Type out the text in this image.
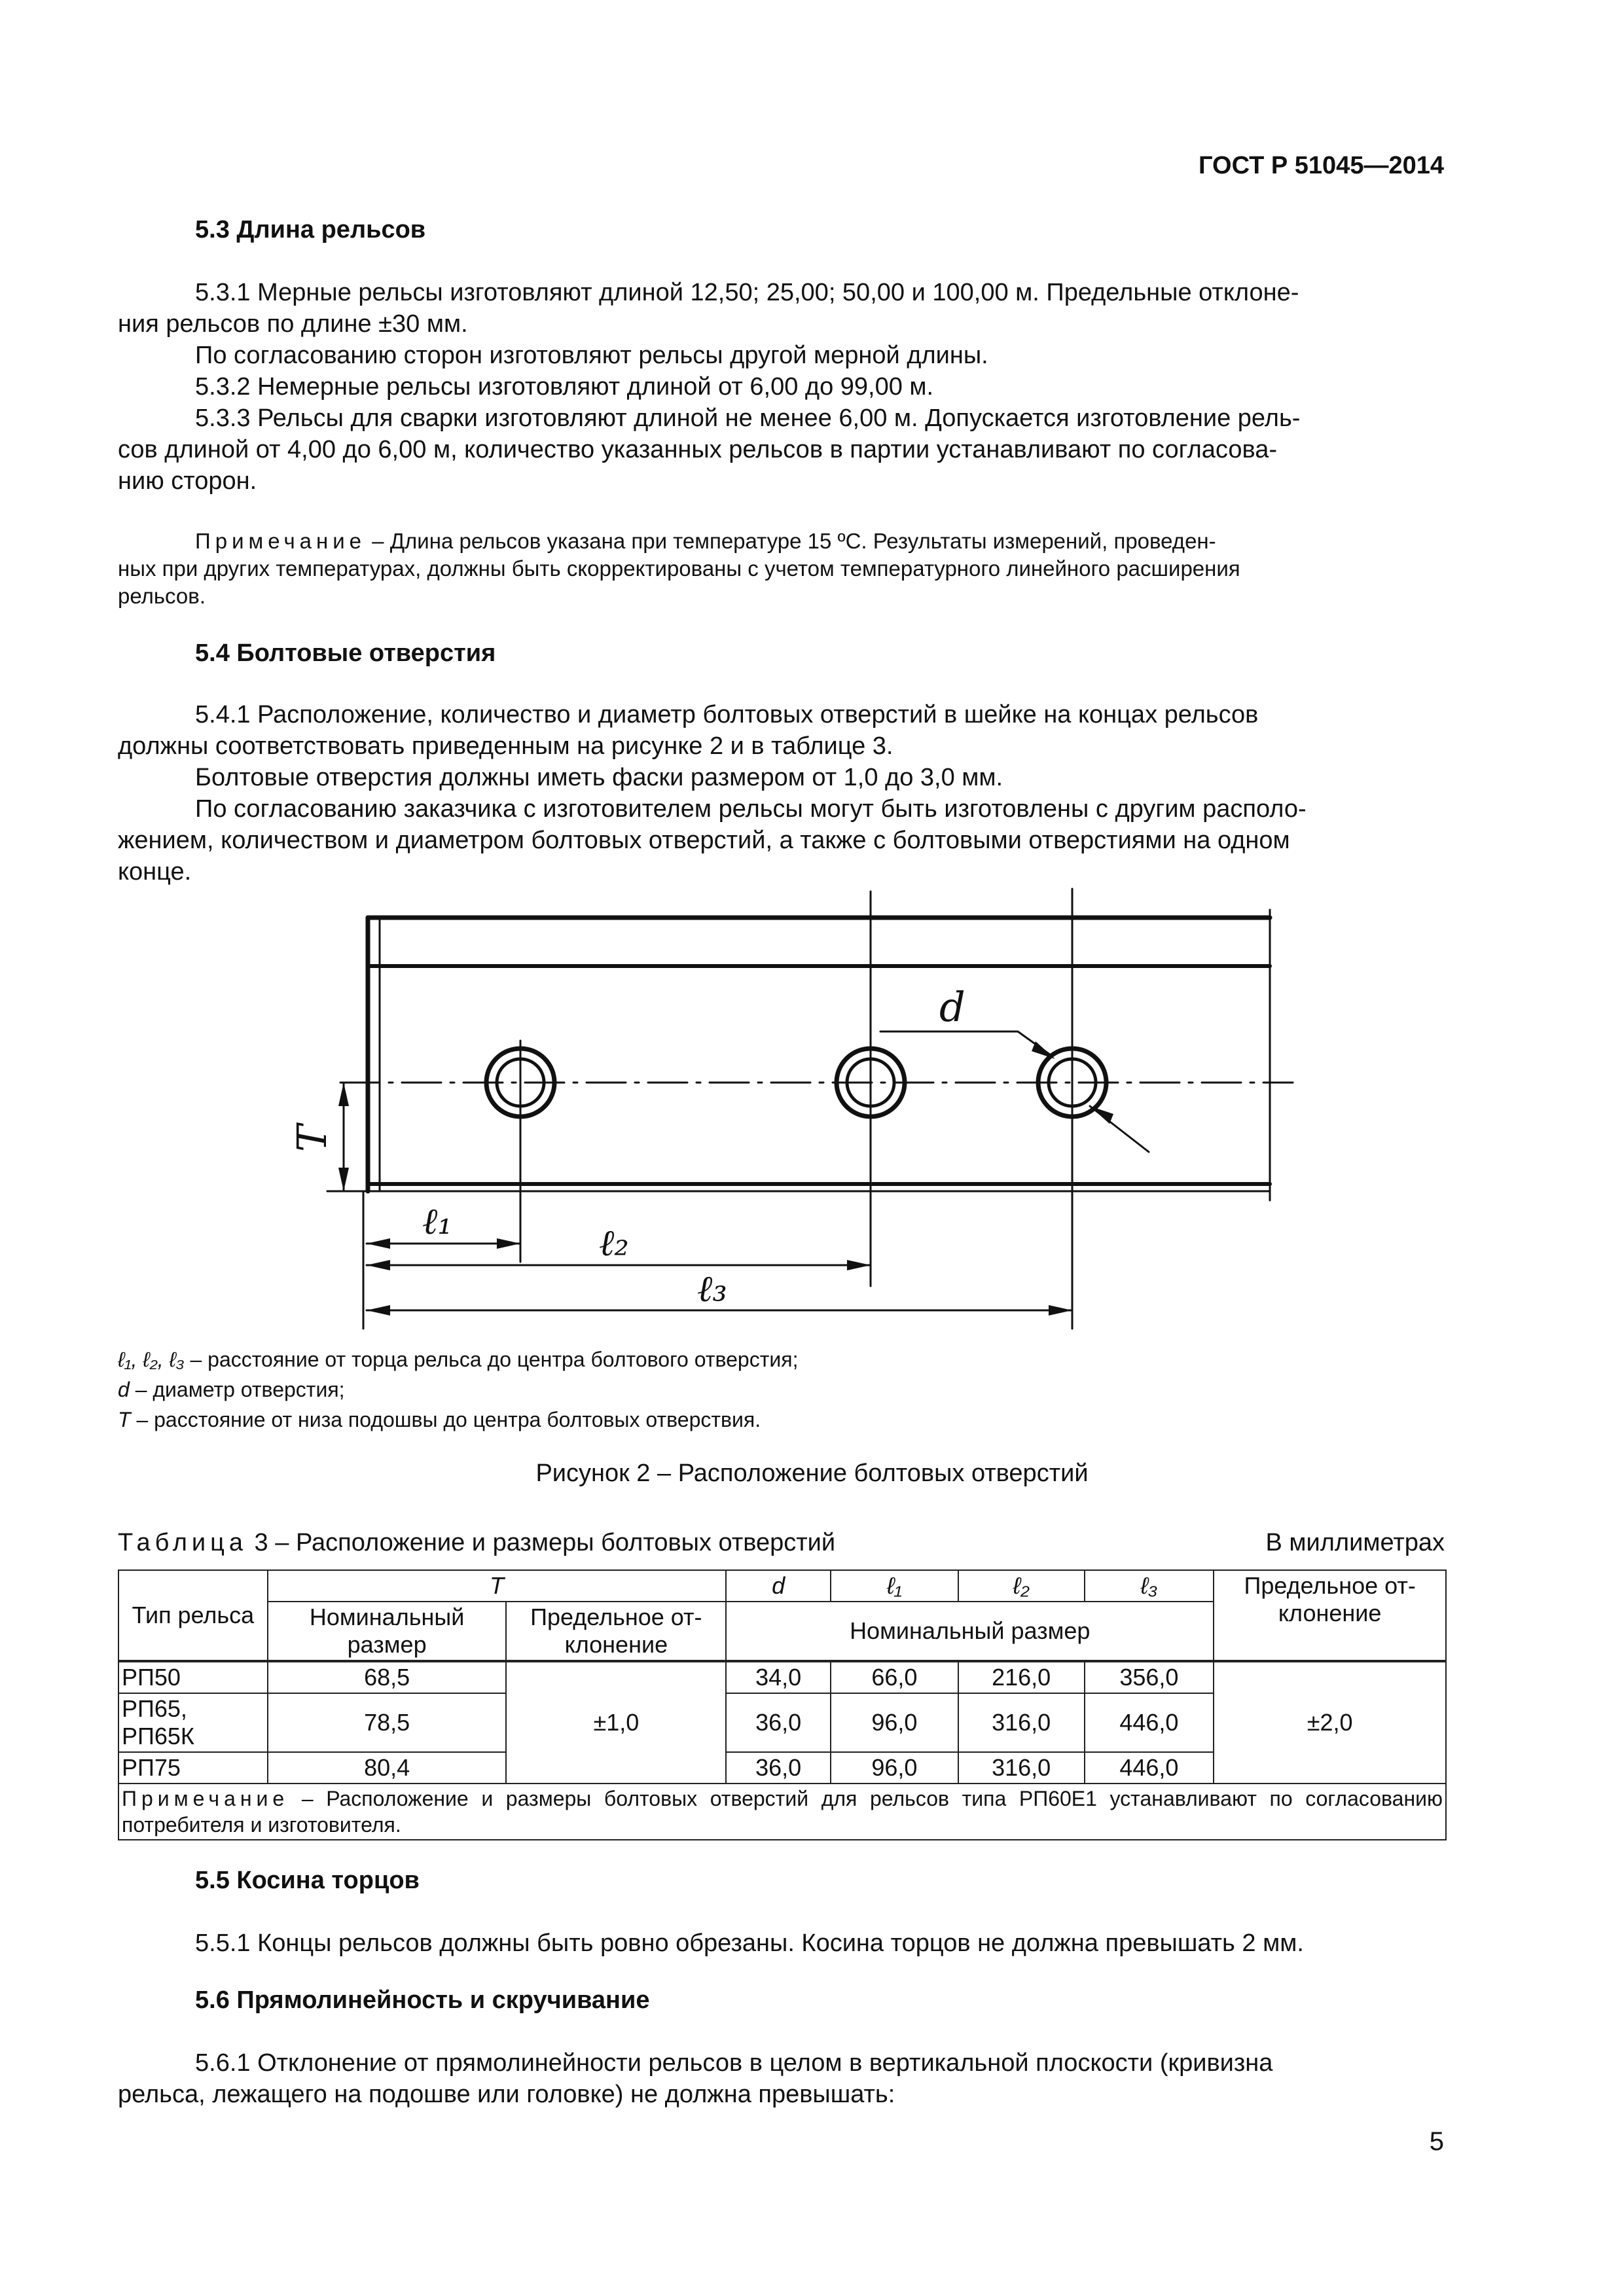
ГОСТ Р 51045—2014
5.3 Длина рельсов
5.3.1 Мерные рельсы изготовляют длиной 12,50; 25,00; 50,00 и 100,00 м. Предельные отклоне-
ния рельсов по длине ±30 мм.
По согласованию сторон изготовляют рельсы другой мерной длины.
5.3.2 Немерные рельсы изготовляют длиной от 6,00 до 99,00 м.
5.3.3 Рельсы для сварки изготовляют длиной не менее 6,00 м. Допускается изготовление рель-
сов длиной от 4,00 до 6,00 м, количество указанных рельсов в партии устанавливают по согласова-
нию сторон.
Примечание – Длина рельсов указана при температуре 15 ºС. Результаты измерений, проведен-
ных при других температурах, должны быть скорректированы с учетом температурного линейного расширения
рельсов.
5.4 Болтовые отверстия
5.4.1 Расположение, количество и диаметр болтовых отверстий в шейке на концах рельсов
должны соответствовать приведенным на рисунке 2 и в таблице 3.
Болтовые отверстия должны иметь фаски размером от 1,0 до 3,0 мм.
По согласованию заказчика с изготовителем рельсы могут быть изготовлены с другим располо-
жением, количеством и диаметром болтовых отверстий, а также с болтовыми отверстиями на одном
конце.
d
T
ℓ₁
ℓ₂
ℓ₃
ℓ₁, ℓ₂, ℓ₃ – расстояние от торца рельса до центра болтового отверстия;
d – диаметр отверстия;
T – расстояние от низа подошвы до центра болтовых отверствия.
Рисунок 2 – Расположение болтовых отверстий
Таблица 3 – Расположение и размеры болтовых отверстий	В миллиметрах
Тип рельса	T		d	ℓ₁	ℓ₂	ℓ₃	Предельное от-клонение
	Номинальный размер	Предельное от-клонение	Номинальный размер				
РП50	68,5	±1,0	34,0	66,0	216,0	356,0	±2,0
РП65, РП65К	78,5		36,0	96,0	316,0	446,0	
РП75	80,4		36,0	96,0	316,0	446,0	
Примечание – Расположение и размеры болтовых отверстий для рельсов типа РП60Е1 устанавливают по согласованию потребителя и изготовителя.							
5.5 Косина торцов
5.5.1 Концы рельсов должны быть ровно обрезаны. Косина торцов не должна превышать 2 мм.
5.6 Прямолинейность и скручивание
5.6.1 Отклонение от прямолинейности рельсов в целом в вертикальной плоскости (кривизна
рельса, лежащего на подошве или головке) не должна превышать:
5
